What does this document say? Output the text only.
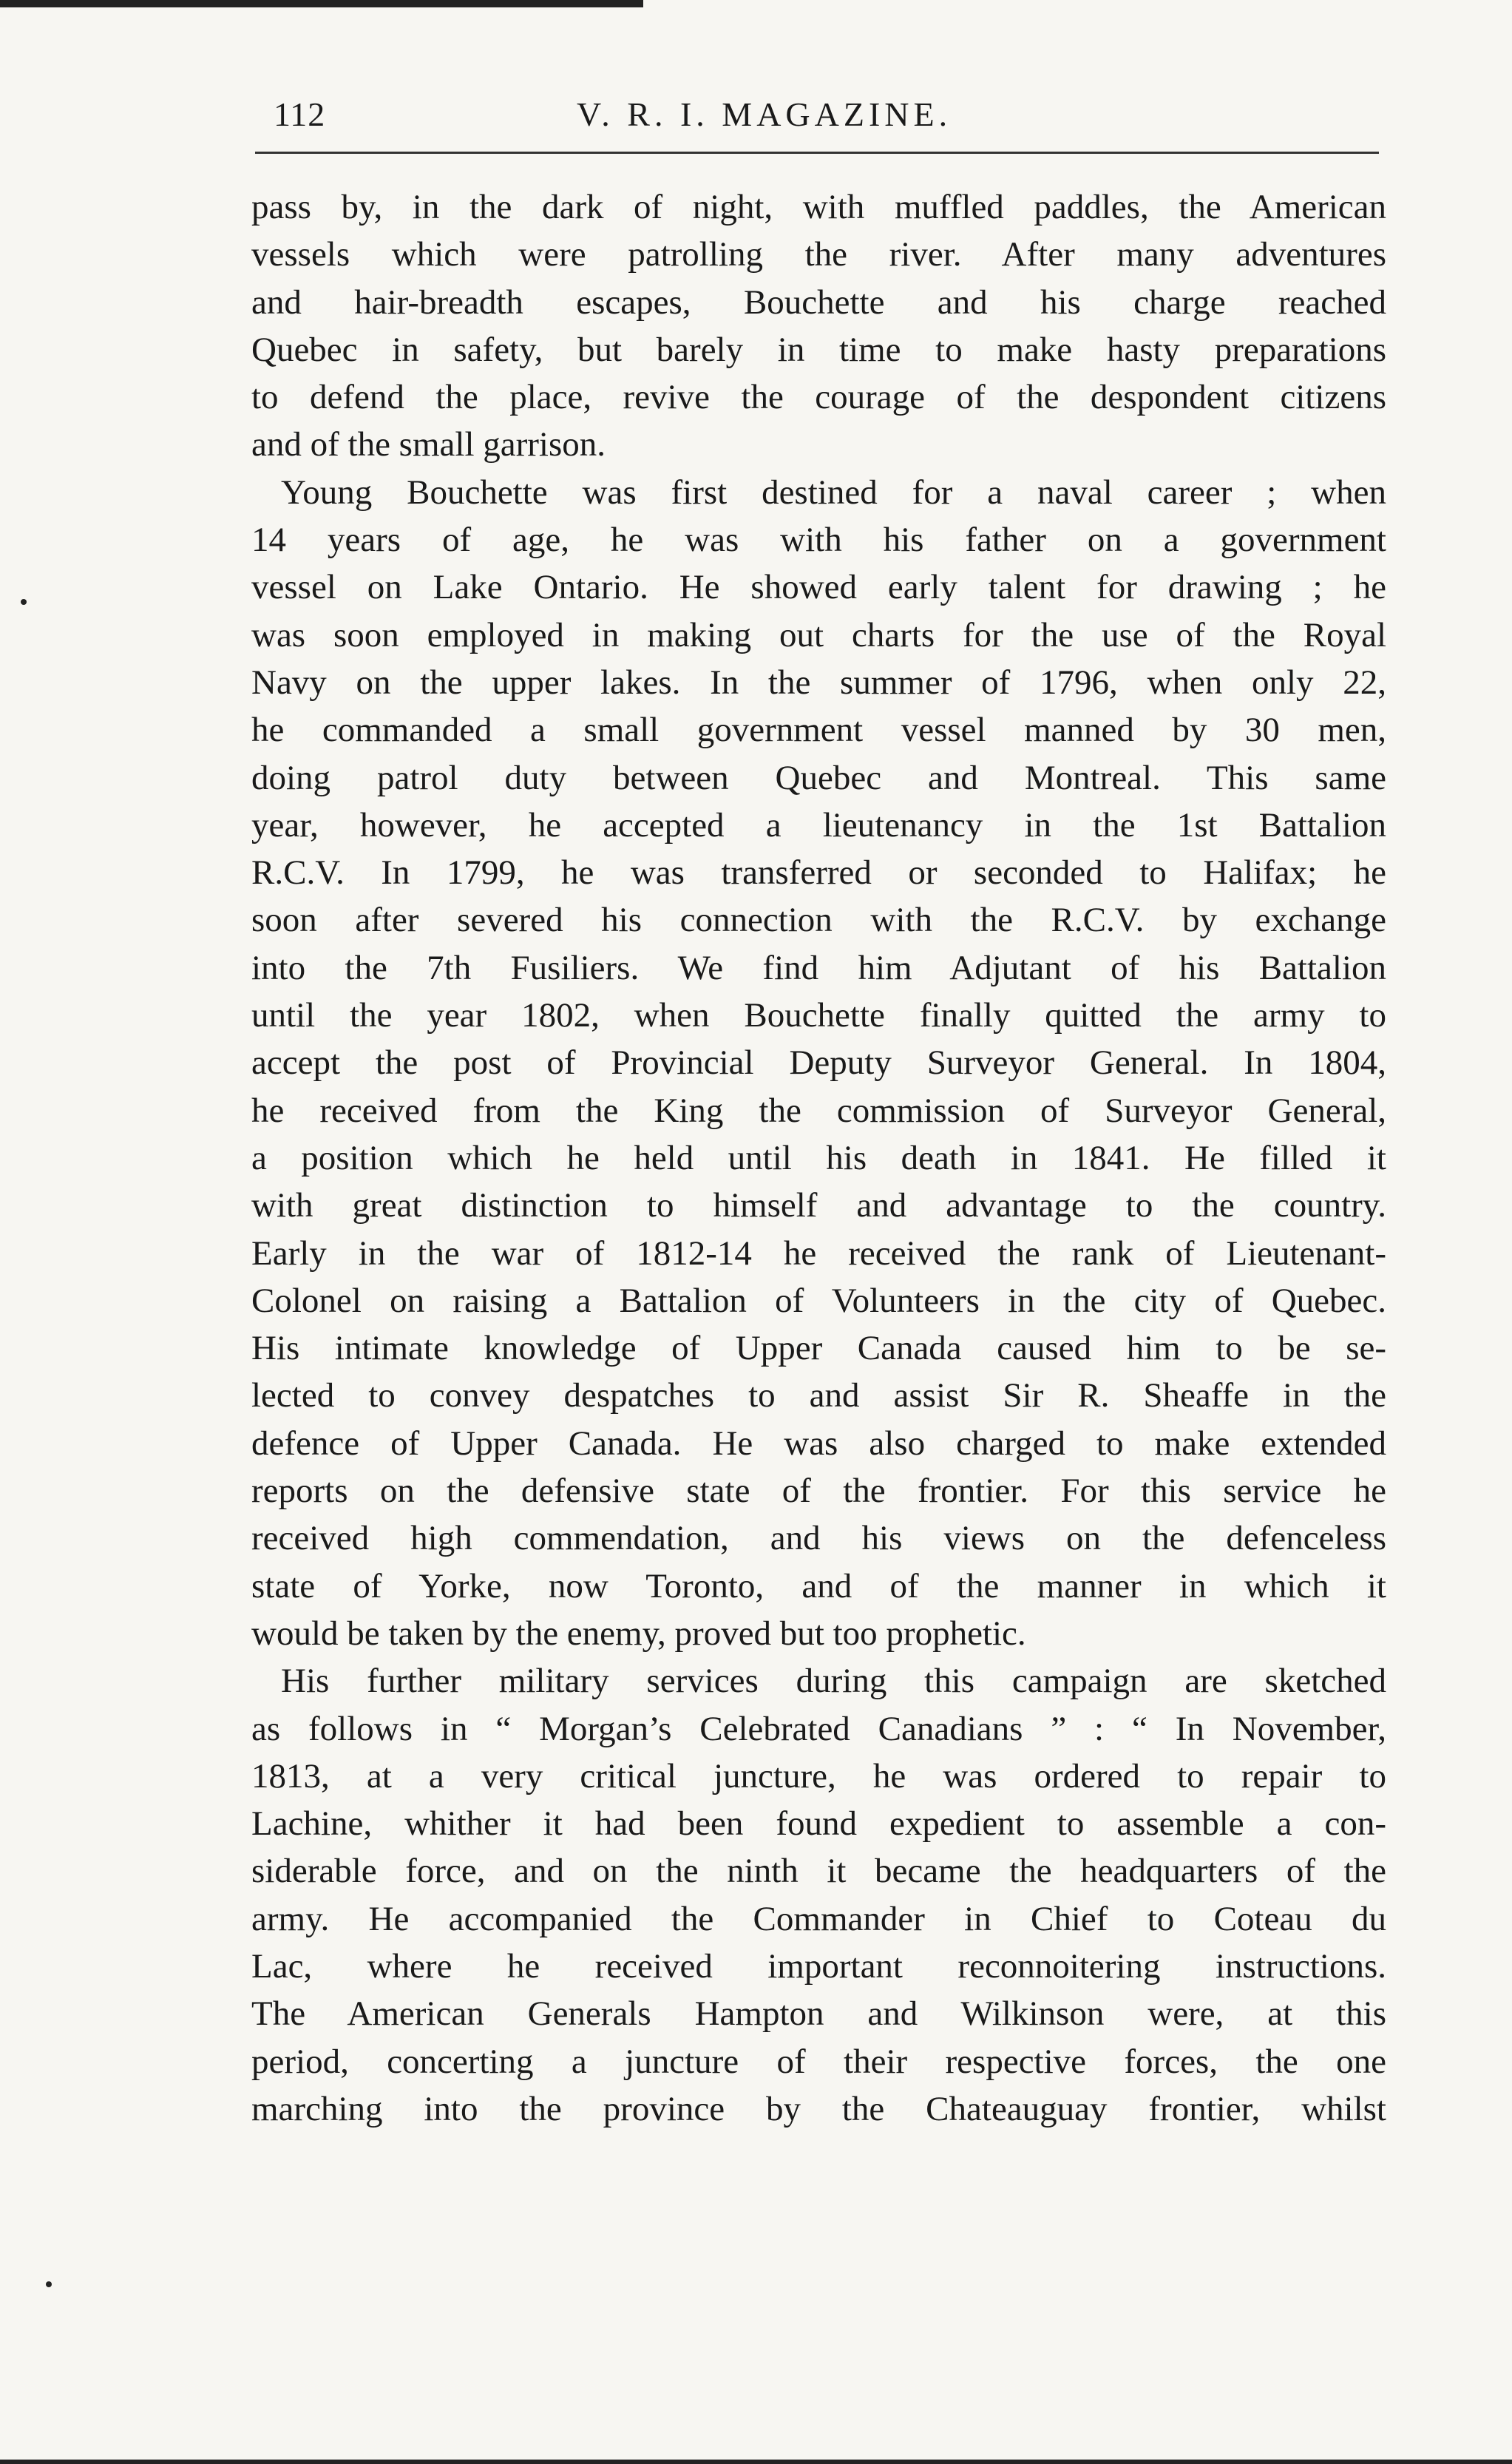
112	V. R. I. MAGAZINE.
pass by, in the dark of night, with muffled paddles, the American
vessels which were patrolling the river. After many adventures
and hair-breadth escapes, Bouchette and his charge reached
Quebec in safety, but barely in time to make hasty preparations
to defend the place, revive the courage of the despondent citizens
and of the small garrison.
Young Bouchette was first destined for a naval career ; when
14 years of age, he was with his father on a government
vessel on Lake Ontario. He showed early talent for drawing ; he
was soon employed in making out charts for the use of the Royal
Navy on the upper lakes. In the summer of 1796, when only 22,
he commanded a small government vessel manned by 30 men,
doing patrol duty between Quebec and Montreal. This same
year, however, he accepted a lieutenancy in the 1st Battalion
R.C.V. In 1799, he was transferred or seconded to Halifax; he
soon after severed his connection with the R.C.V. by exchange
into the 7th Fusiliers. We find him Adjutant of his Battalion
until the year 1802, when Bouchette finally quitted the army to
accept the post of Provincial Deputy Surveyor General. In 1804,
he received from the King the commission of Surveyor General,
a position which he held until his death in 1841. He filled it
with great distinction to himself and advantage to the country.
Early in the war of 1812-14 he received the rank of Lieutenant-
Colonel on raising a Battalion of Volunteers in the city of Quebec.
His intimate knowledge of Upper Canada caused him to be se-
lected to convey despatches to and assist Sir R. Sheaffe in the
defence of Upper Canada. He was also charged to make extended
reports on the defensive state of the frontier. For this service he
received high commendation, and his views on the defenceless
state of Yorke, now Toronto, and of the manner in which it
would be taken by the enemy, proved but too prophetic.
His further military services during this campaign are sketched
as follows in “ Morgan’s Celebrated Canadians ” : “ In November,
1813, at a very critical juncture, he was ordered to repair to
Lachine, whither it had been found expedient to assemble a con-
siderable force, and on the ninth it became the headquarters of the
army. He accompanied the Commander in Chief to Coteau du
Lac, where he received important reconnoitering instructions.
The American Generals Hampton and Wilkinson were, at this
period, concerting a juncture of their respective forces, the one
marching into the province by the Chateauguay frontier, whilst
